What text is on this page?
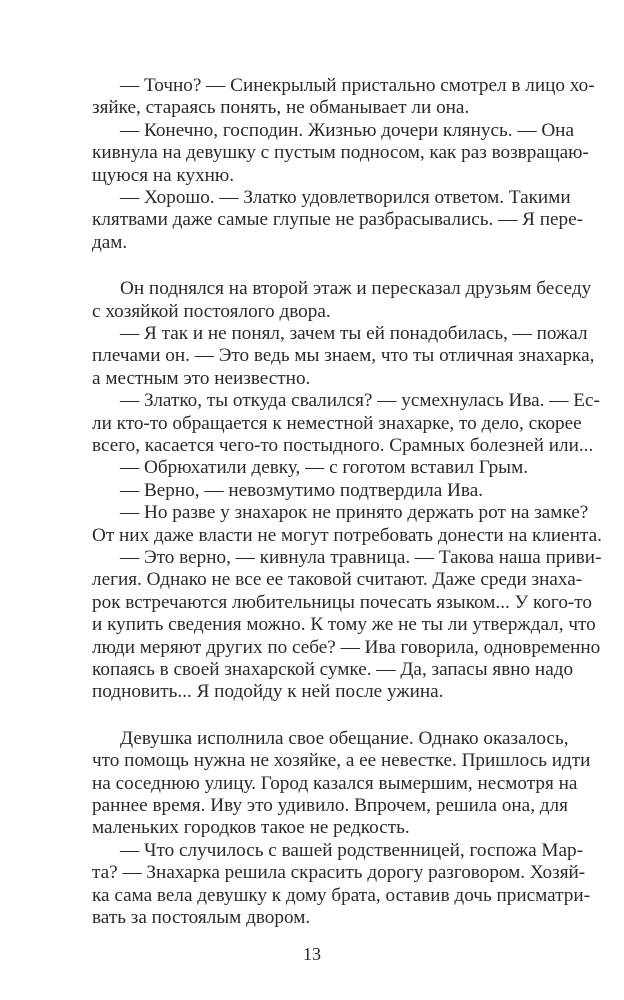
— Точно? — Синекрылый пристально смотрел в лицо хо-

зяйке, стараясь понять, не обманывает ли она.

— Конечно, господин. Жизнью дочери клянусь. — Она

кивнула на девушку с пустым подносом, как раз возвращаю-

щуюся на кухню.

— Хорошо. — Златко удовлетворился ответом. Такими

клятвами даже самые глупые не разбрасывались. — Я пере-

дам.

Он поднялся на второй этаж и пересказал друзьям беседу

с хозяйкой постоялого двора.

— Я так и не понял, зачем ты ей понадобилась, — пожал

плечами он. — Это ведь мы знаем, что ты отличная знахарка,

а местным это неизвестно.

— Златко, ты откуда свалился? — усмехнулась Ива. — Ес-

ли кто-то обращается к неместной знахарке, то дело, скорее

всего, касается чего-то постыдного. Срамных болезней или...

— Обрюхатили девку, — с гоготом вставил Грым.

— Верно, — невозмутимо подтвердила Ива.

— Но разве у знахарок не принято держать рот на замке?

От них даже власти не могут потребовать донести на клиента.

— Это верно, — кивнула травница. — Такова наша приви-

легия. Однако не все ее таковой считают. Даже среди знаха-

рок встречаются любительницы почесать языком... У кого-то

и купить сведения можно. К тому же не ты ли утверждал, что

люди меряют других по себе? — Ива говорила, одновременно

копаясь в своей знахарской сумке. — Да, запасы явно надо

подновить... Я подойду к ней после ужина.

Девушка исполнила свое обещание. Однако оказалось,

что помощь нужна не хозяйке, а ее невестке. Пришлось идти

на соседнюю улицу. Город казался вымершим, несмотря на

раннее время. Иву это удивило. Впрочем, решила она, для

маленьких городков такое не редкость.

— Что случилось с вашей родственницей, госпожа Мар-

та? — Знахарка решила скрасить дорогу разговором. Хозяй-

ка сама вела девушку к дому брата, оставив дочь присматри-

вать за постоялым двором.

13
